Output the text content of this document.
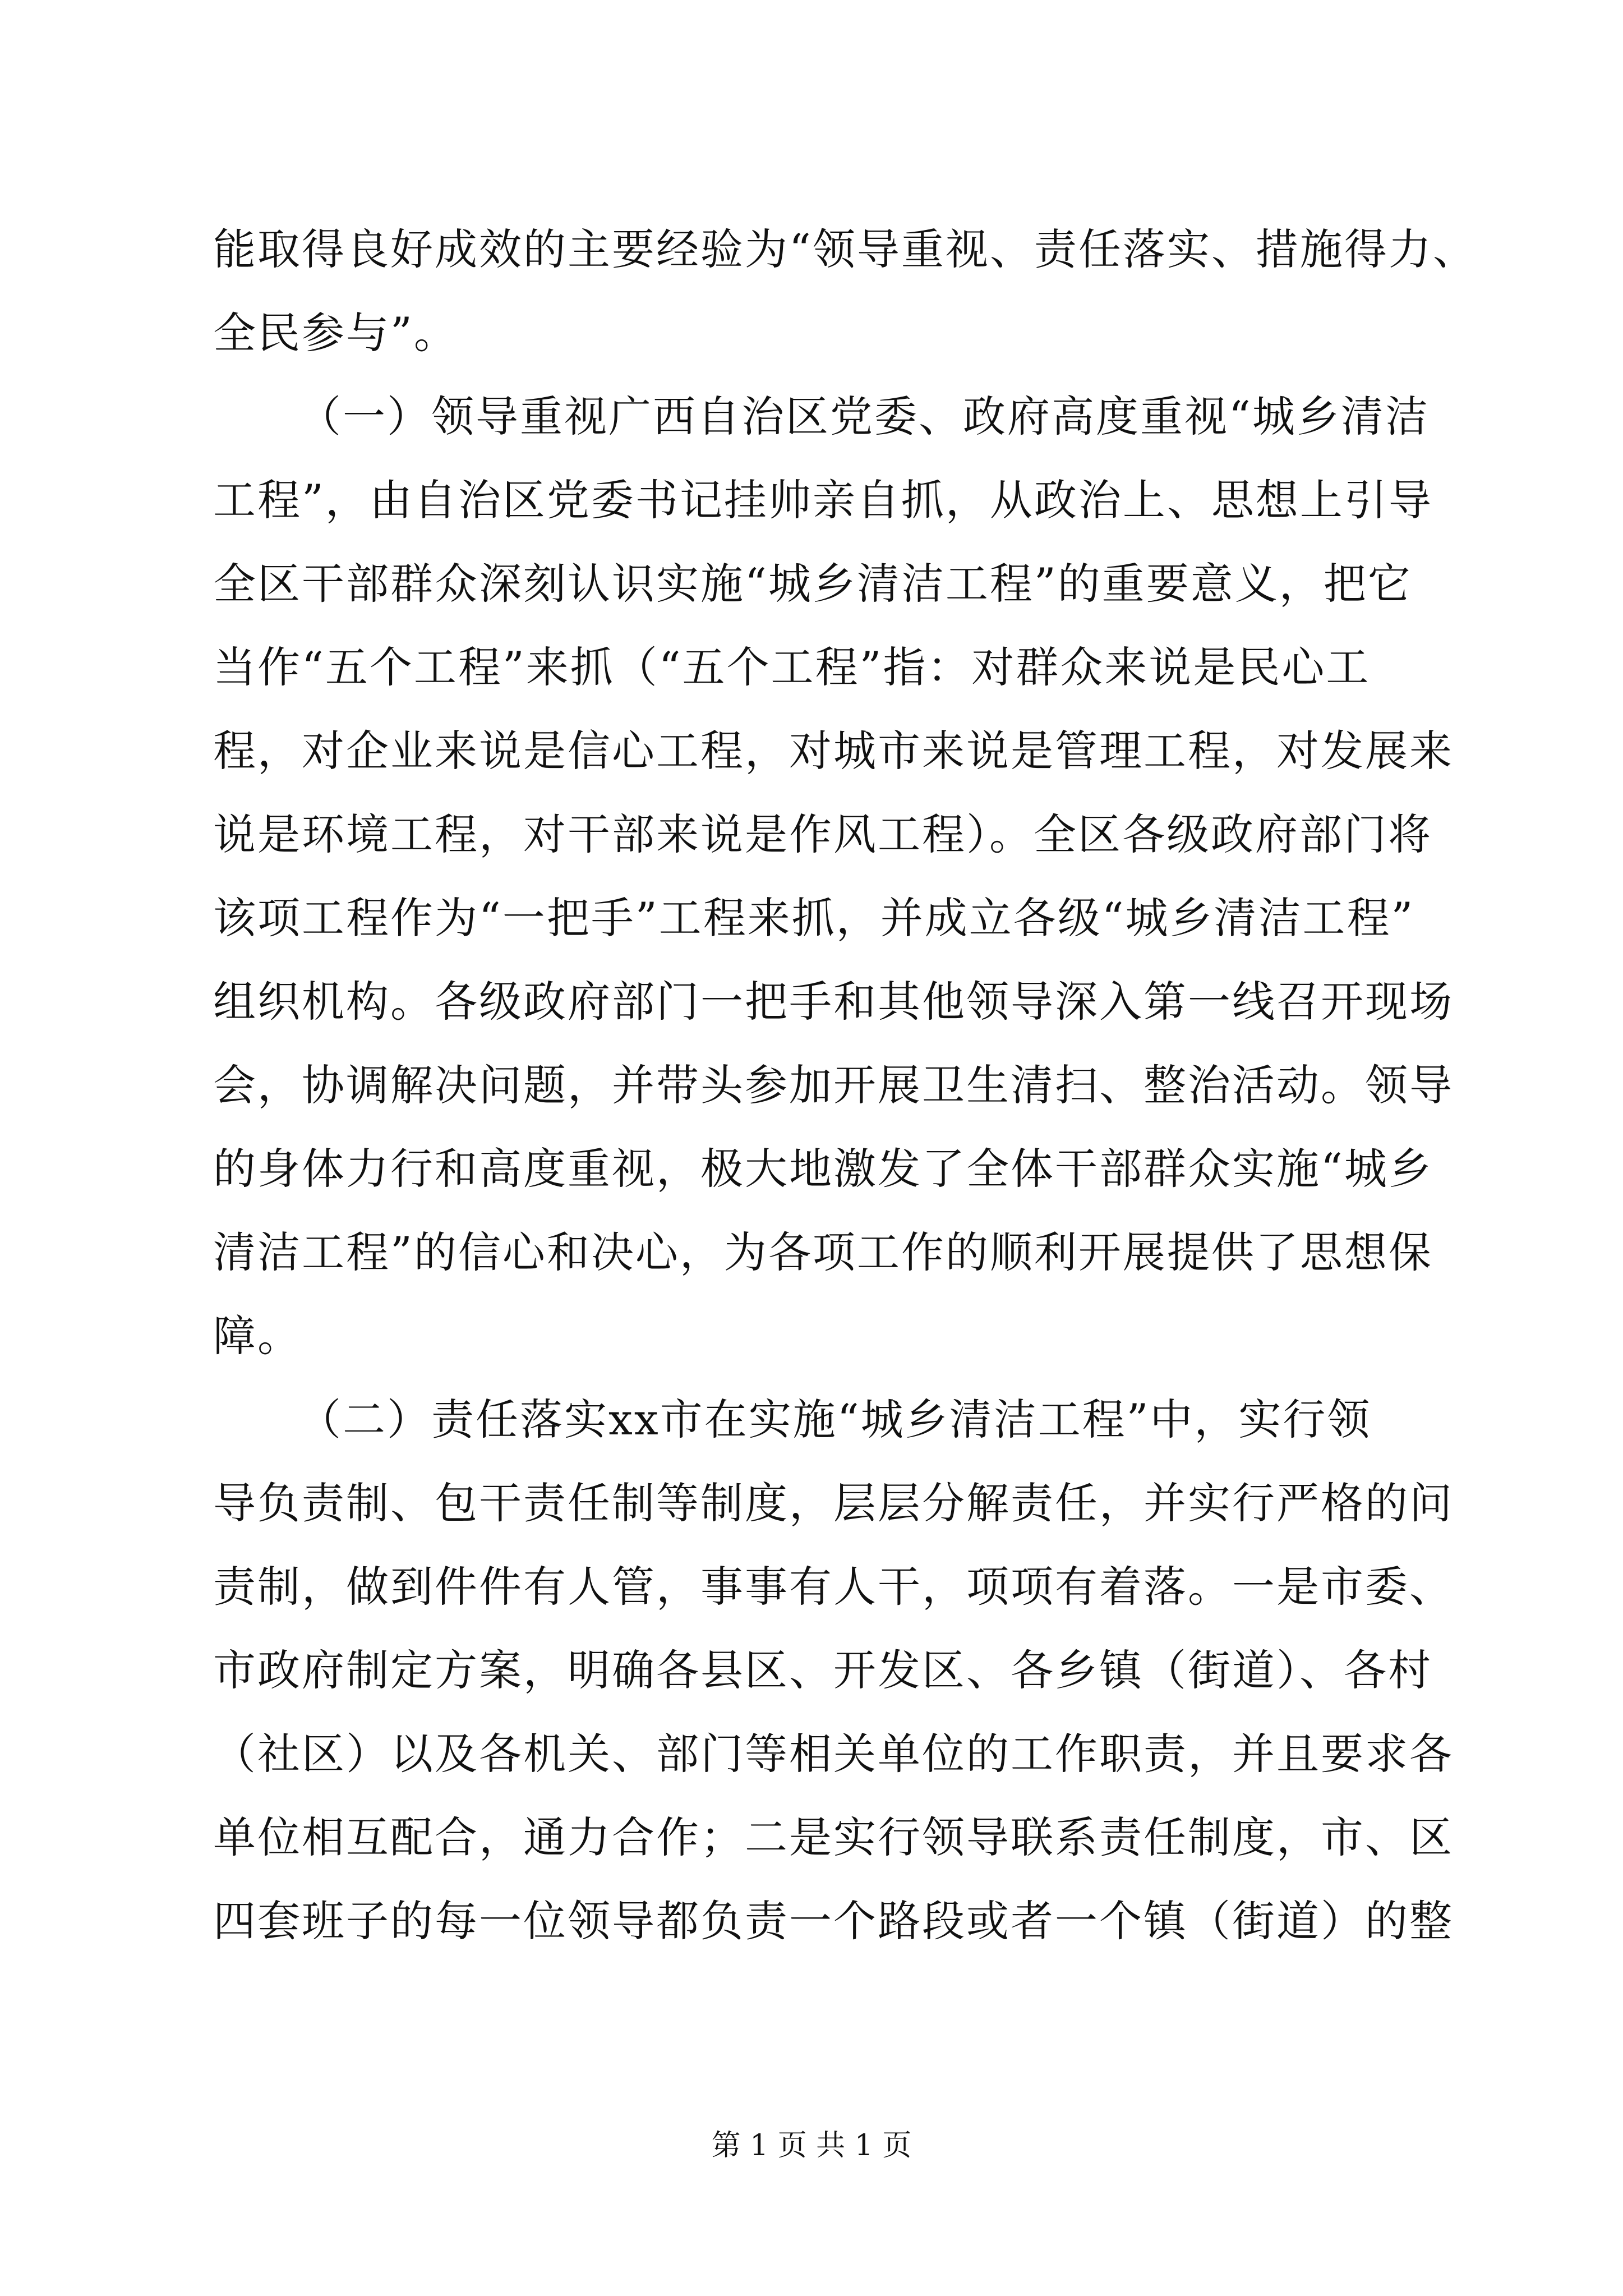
能取得良好成效的主要经验为“领导重视、责任落实、措施得力、
全民参与”。
（一）领导重视广西自治区党委、政府高度重视“城乡清洁
工程”，由自治区党委书记挂帅亲自抓，从政治上、思想上引导
全区干部群众深刻认识实施“城乡清洁工程”的重要意义，把它
当作“五个工程”来抓（“五个工程”指：对群众来说是民心工
程，对企业来说是信心工程，对城市来说是管理工程，对发展来
说是环境工程，对干部来说是作风工程）。全区各级政府部门将
该项工程作为“一把手”工程来抓，并成立各级“城乡清洁工程”
组织机构。各级政府部门一把手和其他领导深入第一线召开现场
会，协调解决问题，并带头参加开展卫生清扫、整治活动。领导
的身体力行和高度重视，极大地激发了全体干部群众实施“城乡
清洁工程”的信心和决心，为各项工作的顺利开展提供了思想保
障。
（二）责任落实xx市在实施“城乡清洁工程”中，实行领
导负责制、包干责任制等制度，层层分解责任，并实行严格的问
责制，做到件件有人管，事事有人干，项项有着落。一是市委、
市政府制定方案，明确各县区、开发区、各乡镇（街道）、各村
（社区）以及各机关、部门等相关单位的工作职责，并且要求各
单位相互配合，通力合作；二是实行领导联系责任制度，市、区
四套班子的每一位领导都负责一个路段或者一个镇（街道）的整
第 1 页 共 1 页
